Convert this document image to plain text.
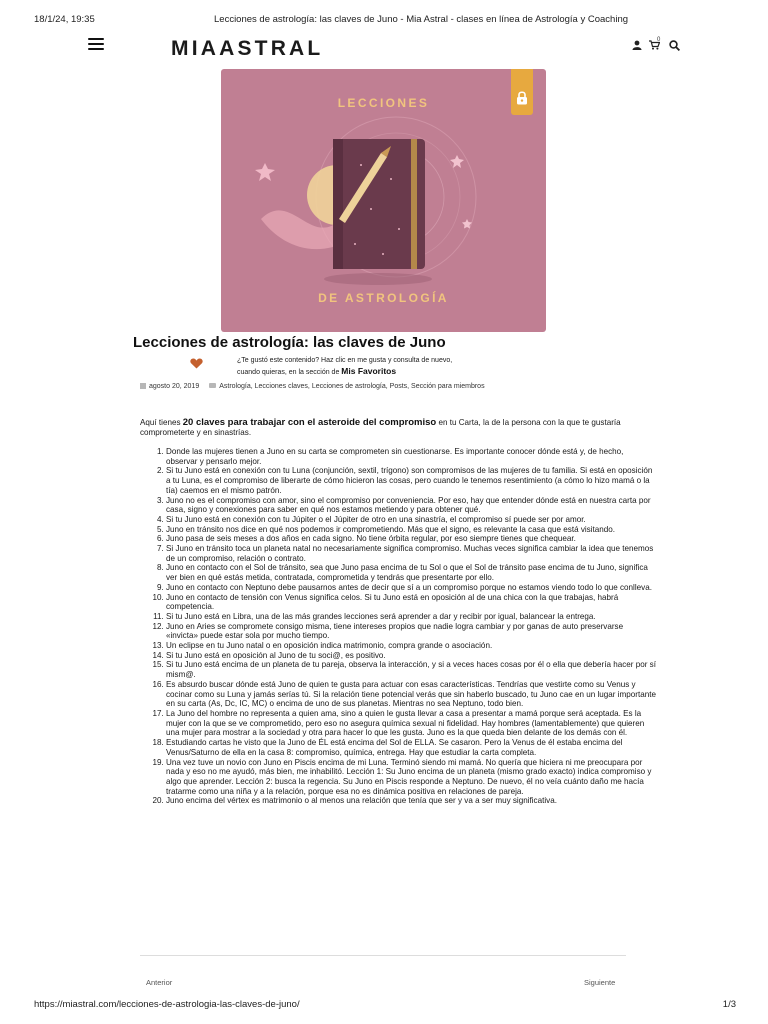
18/1/24, 19:35	Lecciones de astrología: las claves de Juno - Mia Astral - clases en línea de Astrología y Coaching
MIAASTRAL	0
LECCIONES
DE ASTROLOGÍA
Lecciones de astrología: las claves de Juno
¿Te gustó este contenido? Haz clic en me gusta y consulta de nuevo,
cuando quieras, en la sección de Mis Favoritos
agosto 20, 2019	Astrología, Lecciones claves, Lecciones de astrología, Posts, Sección para miembros

Aquí tienes 20 claves para trabajar con el asteroide del compromiso en tu Carta, la de la persona con la que te gustaría comprometerte y en sinastrías.

1. Donde las mujeres tienen a Juno en su carta se comprometen sin cuestionarse. Es importante conocer dónde está y, de hecho, observar y pensarlo mejor.
2. Si tu Juno está en conexión con tu Luna (conjunción, sextil, trígono) son compromisos de las mujeres de tu familia. Si está en oposición a tu Luna, es el compromiso de liberarte de cómo hicieron las cosas, pero cuando le tenemos resentimiento (a cómo lo hizo mamá o la tía) caemos en el mismo patrón.
3. Juno no es el compromiso con amor, sino el compromiso por conveniencia. Por eso, hay que entender dónde está en nuestra carta por casa, signo y conexiones para saber en qué nos estamos metiendo y para obtener qué.
4. Si tu Juno está en conexión con tu Júpiter o el Júpiter de otro en una sinastría, el compromiso sí puede ser por amor.
5. Juno en tránsito nos dice en qué nos podemos ir comprometiendo. Más que el signo, es relevante la casa que está visitando.
6. Juno pasa de seis meses a dos años en cada signo. No tiene órbita regular, por eso siempre tienes que chequear.
7. Si Juno en tránsito toca un planeta natal no necesariamente significa compromiso. Muchas veces significa cambiar la idea que tenemos de un compromiso, relación o contrato.
8. Juno en contacto con el Sol de tránsito, sea que Juno pasa encima de tu Sol o que el Sol de tránsito pase encima de tu Juno, significa ver bien en qué estás metida, contratada, comprometida y tendrás que presentarte por ello.
9. Juno en contacto con Neptuno debe pausarnos antes de decir que sí a un compromiso porque no estamos viendo todo lo que conlleva.
10. Juno en contacto de tensión con Venus significa celos. Si tu Juno está en oposición al de una chica con la que trabajas, habrá competencia.
11. Si tu Juno está en Libra, una de las más grandes lecciones será aprender a dar y recibir por igual, balancear la entrega.
12. Juno en Aries se compromete consigo misma, tiene intereses propios que nadie logra cambiar y por ganas de auto preservarse «invicta» puede estar sola por mucho tiempo.
13. Un eclipse en tu Juno natal o en oposición indica matrimonio, compra grande o asociación.
14. Si tu Juno está en oposición al Juno de tu soci@, es positivo.
15. Si tu Juno está encima de un planeta de tu pareja, observa la interacción, y si a veces haces cosas por él o ella que debería hacer por sí mism@.
16. Es absurdo buscar dónde está Juno de quien te gusta para actuar con esas características. Tendrías que vestirte como su Venus y cocinar como su Luna y jamás serías tú. Si la relación tiene potencial verás que sin haberlo buscado, tu Juno cae en un lugar importante en su carta (As, Dc, IC, MC) o encima de uno de sus planetas. Mientras no sea Neptuno, todo bien.
17. La Juno del hombre no representa a quien ama, sino a quien le gusta llevar a casa a presentar a mamá porque será aceptada. Es la mujer con la que se ve comprometido, pero eso no asegura química sexual ni fidelidad. Hay hombres (lamentablemente) que quieren una mujer para mostrar a la sociedad y otra para hacer lo que les gusta. Juno es la que queda bien delante de los demás con él.
18. Estudiando cartas he visto que la Juno de ÉL está encima del Sol de ELLA. Se casaron. Pero la Venus de él estaba encima del Venus/Saturno de ella en la casa 8: compromiso, química, entrega. Hay que estudiar la carta completa.
19. Una vez tuve un novio con Juno en Piscis encima de mi Luna. Terminó siendo mi mamá. No quería que hiciera ni me preocupara por nada y eso no me ayudó, más bien, me inhabilitó. Lección 1: Su Juno encima de un planeta (mismo grado exacto) indica compromiso y algo que aprender. Lección 2: busca la regencia. Su Juno en Piscis responde a Neptuno. De nuevo, él no veía cuánto daño me hacía tratarme como una niña y a la relación, porque esa no es dinámica positiva en relaciones de pareja.
20. Juno encima del vértex es matrimonio o al menos una relación que tenía que ser y va a ser muy significativa.
Anterior	Siguiente
https://miastral.com/lecciones-de-astrologia-las-claves-de-juno/	1/3
